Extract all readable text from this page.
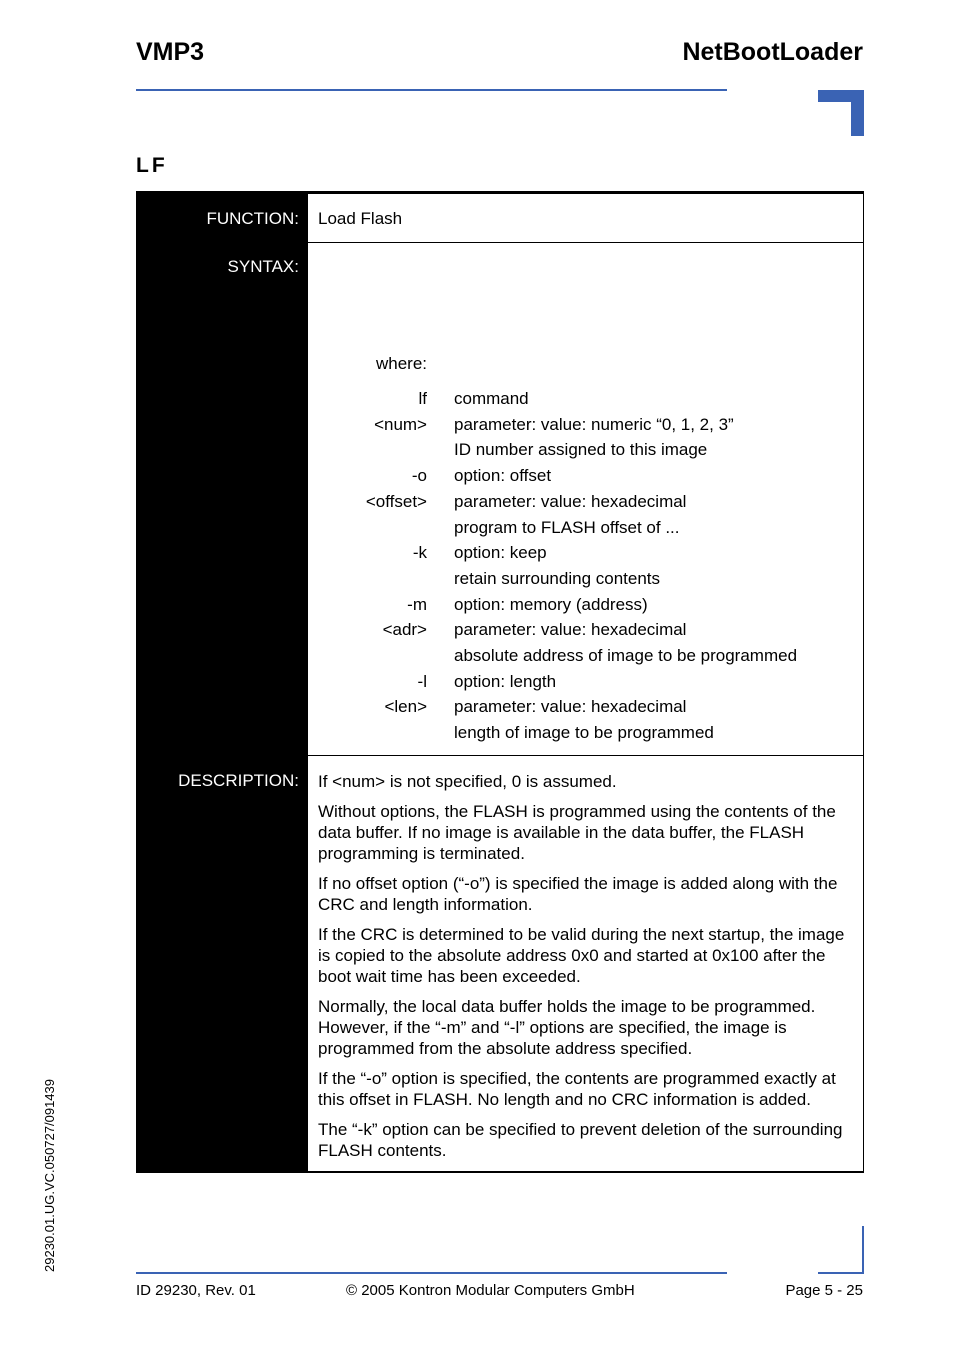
VMP3	NetBootLoader
LF
FUNCTION: Load Flash
SYNTAX:
where:
lf command
<num> parameter: value: numeric “0, 1, 2, 3”
ID number assigned to this image
-o option: offset
<offset> parameter: value: hexadecimal
program to FLASH offset of ...
-k option: keep
retain surrounding contents
-m option: memory (address)
<adr> parameter: value: hexadecimal
absolute address of image to be programmed
-l option: length
<len> parameter: value: hexadecimal
length of image to be programmed
DESCRIPTION: If <num> is not specified, 0 is assumed.

Without options, the FLASH is programmed using the contents of the data buffer. If no image is available in the data buffer, the FLASH programming is terminated.

If no offset option (“-o”) is specified the image is added along with the CRC and length information.

If the CRC is determined to be valid during the next startup, the image is copied to the absolute address 0x0 and started at 0x100 after the boot wait time has been exceeded.

Normally, the local data buffer holds the image to be programmed. However, if the “-m” and “-l” options are specified, the image is programmed from the absolute address specified.

If the “-o” option is specified, the contents are programmed exactly at this offset in FLASH. No length and no CRC information is added.

The “-k” option can be specified to prevent deletion of the surrounding FLASH contents.

29230.01.UG.VC.050727/091439
ID 29230, Rev. 01	© 2005 Kontron Modular Computers GmbH	Page 5 - 25
